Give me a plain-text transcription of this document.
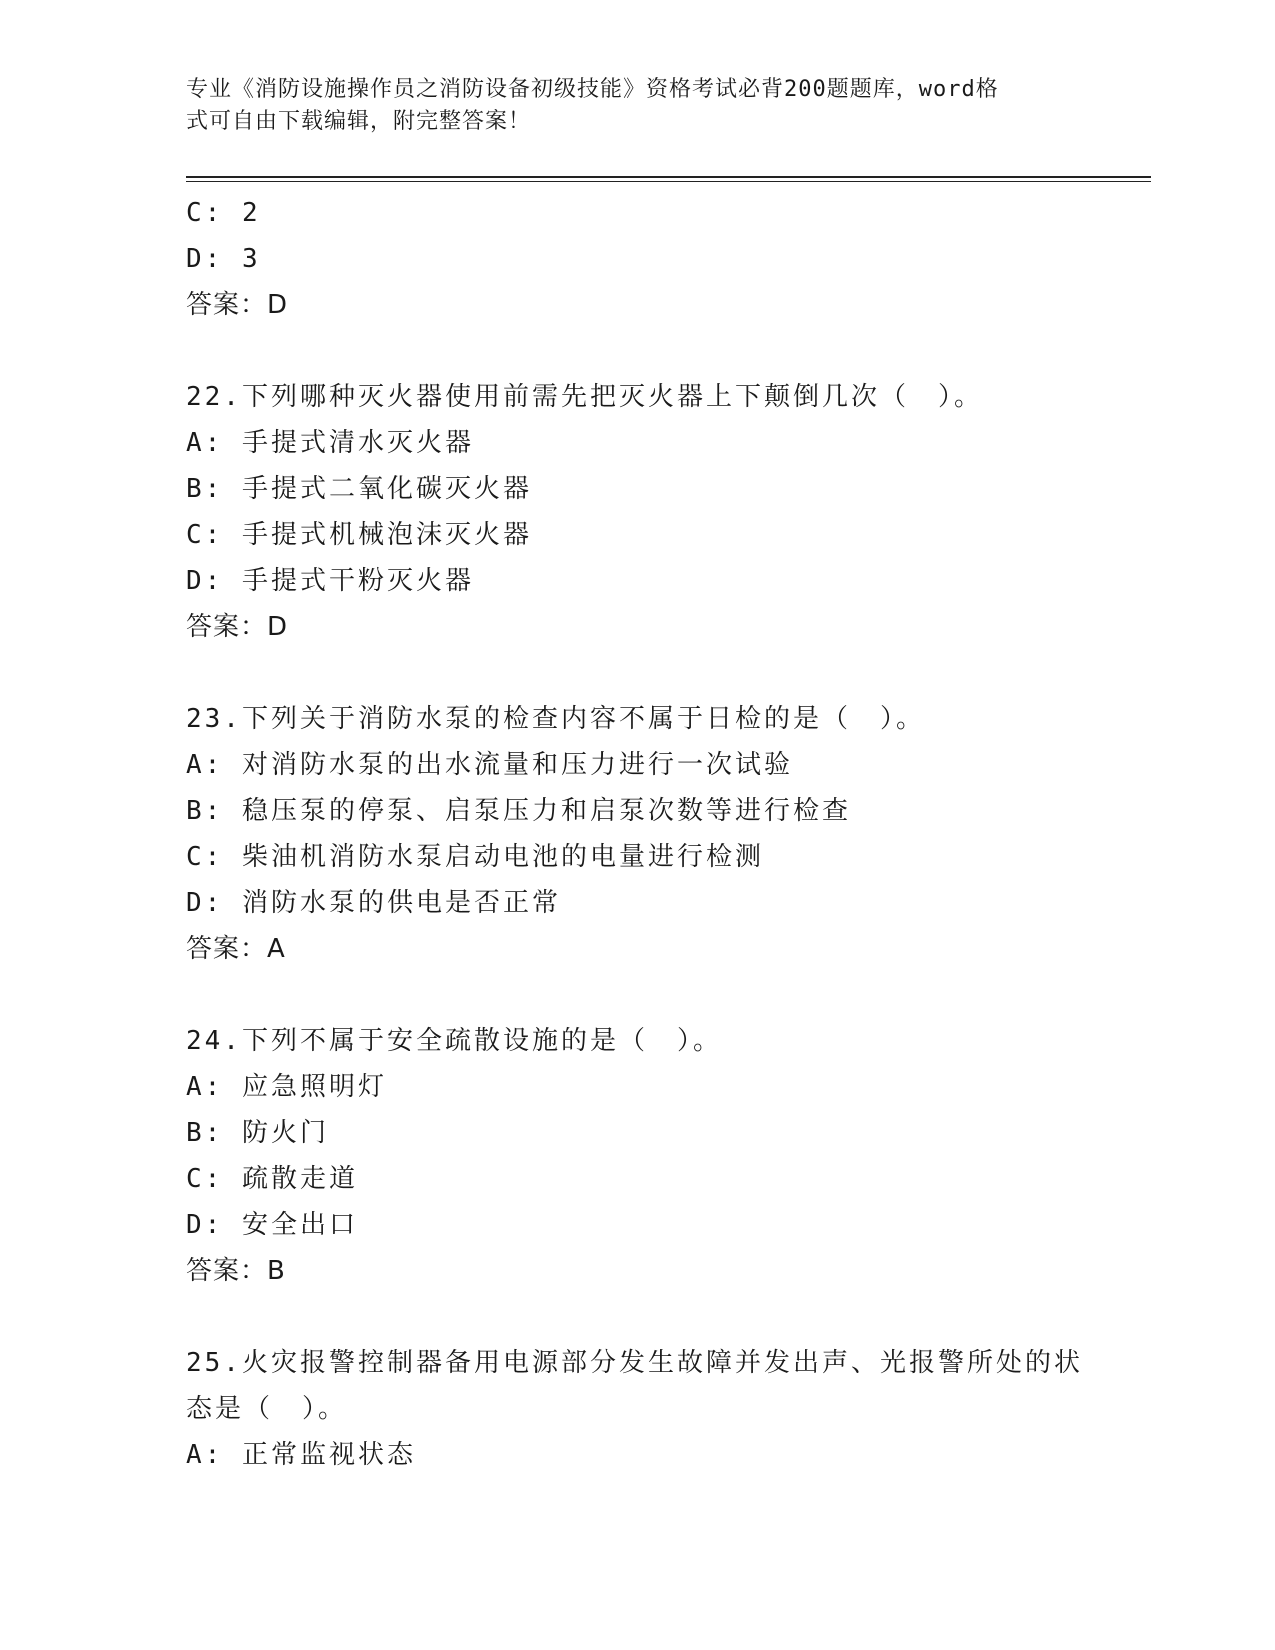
专业《消防设施操作员之消防设备初级技能》资格考试必背200题题库，word格
式可自由下载编辑，附完整答案！
C: 2
D: 3
答案：D
22.下列哪种灭火器使用前需先把灭火器上下颠倒几次（　）。
A: 手提式清水灭火器
B: 手提式二氧化碳灭火器
C: 手提式机械泡沫灭火器
D: 手提式干粉灭火器
答案：D
23.下列关于消防水泵的检查内容不属于日检的是（　）。
A: 对消防水泵的出水流量和压力进行一次试验
B: 稳压泵的停泵、启泵压力和启泵次数等进行检查
C: 柴油机消防水泵启动电池的电量进行检测
D: 消防水泵的供电是否正常
答案：A
24.下列不属于安全疏散设施的是（　）。
A: 应急照明灯
B: 防火门
C: 疏散走道
D: 安全出口
答案：B
25.火灾报警控制器备用电源部分发生故障并发出声、光报警所处的状
态是（　）。
A: 正常监视状态
